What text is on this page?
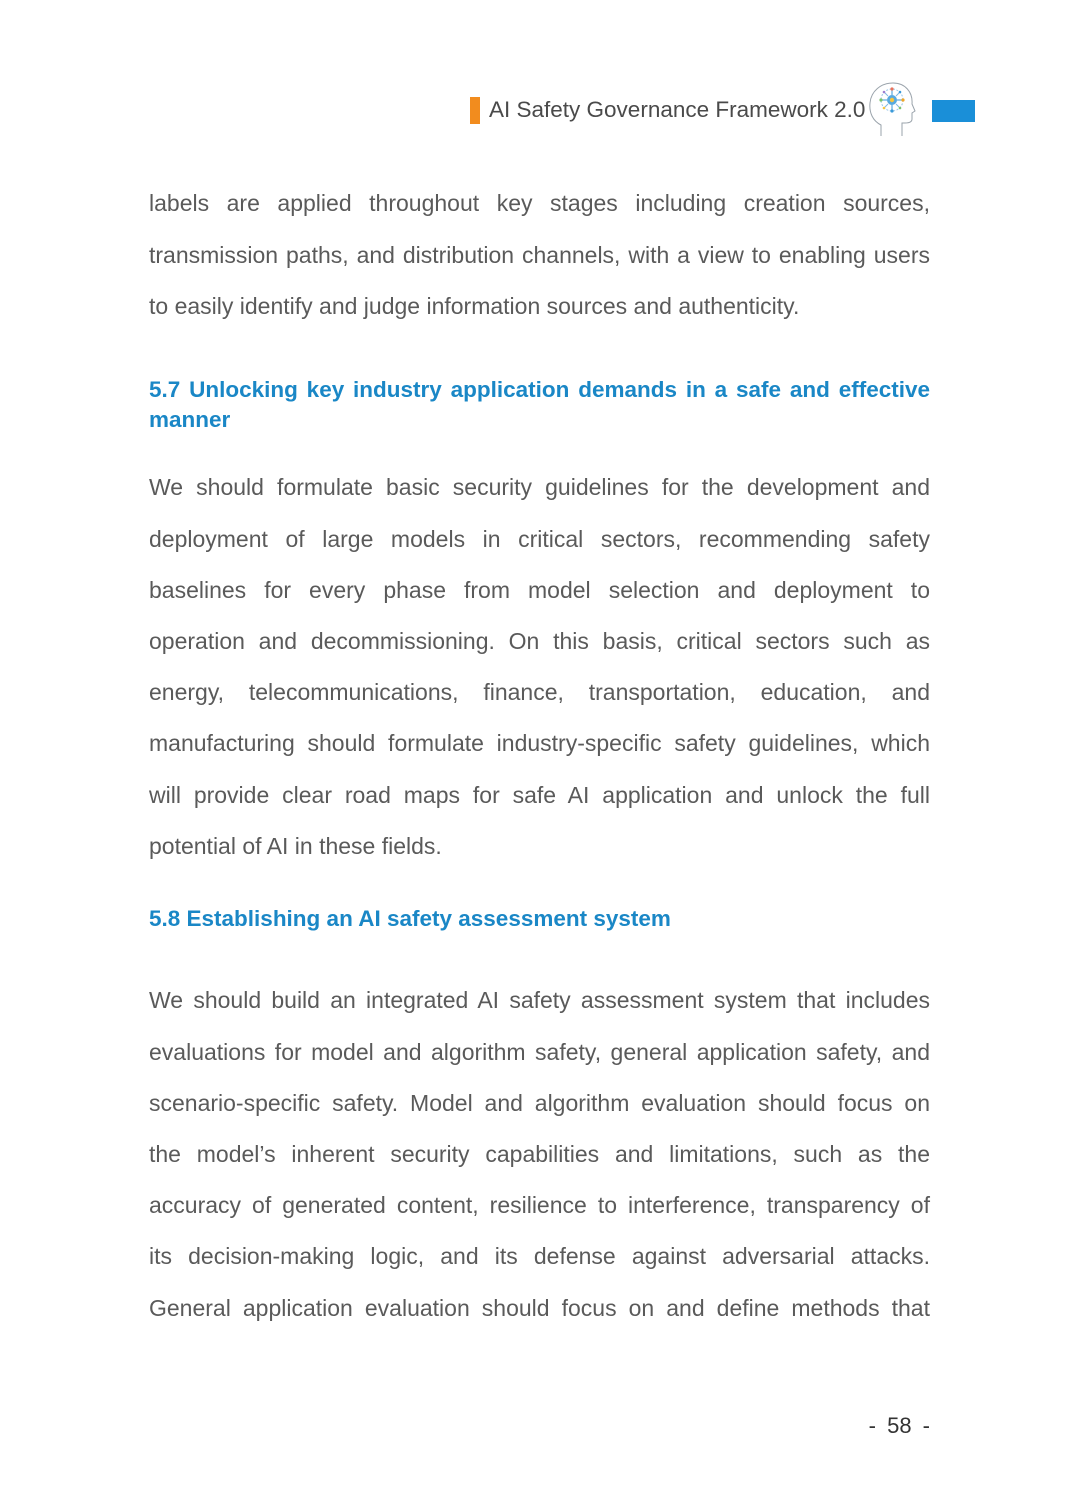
AI Safety Governance Framework 2.0
labels are applied throughout key stages including creation sources,
transmission paths, and distribution channels, with a view to enabling users
to easily identify and judge information sources and authenticity.
5.7 Unlocking key industry application demands in a safe and effective
manner
We should formulate basic security guidelines for the development and
deployment of large models in critical sectors, recommending safety
baselines for every phase from model selection and deployment to
operation and decommissioning. On this basis, critical sectors such as
energy, telecommunications, finance, transportation, education, and
manufacturing should formulate industry-specific safety guidelines, which
will provide clear road maps for safe AI application and unlock the full
potential of AI in these fields.
5.8 Establishing an AI safety assessment system
We should build an integrated AI safety assessment system that includes
evaluations for model and algorithm safety, general application safety, and
scenario-specific safety. Model and algorithm evaluation should focus on
the model’s inherent security capabilities and limitations, such as the
accuracy of generated content, resilience to interference, transparency of
its decision-making logic, and its defense against adversarial attacks.
General application evaluation should focus on and define methods that
- 58 -
